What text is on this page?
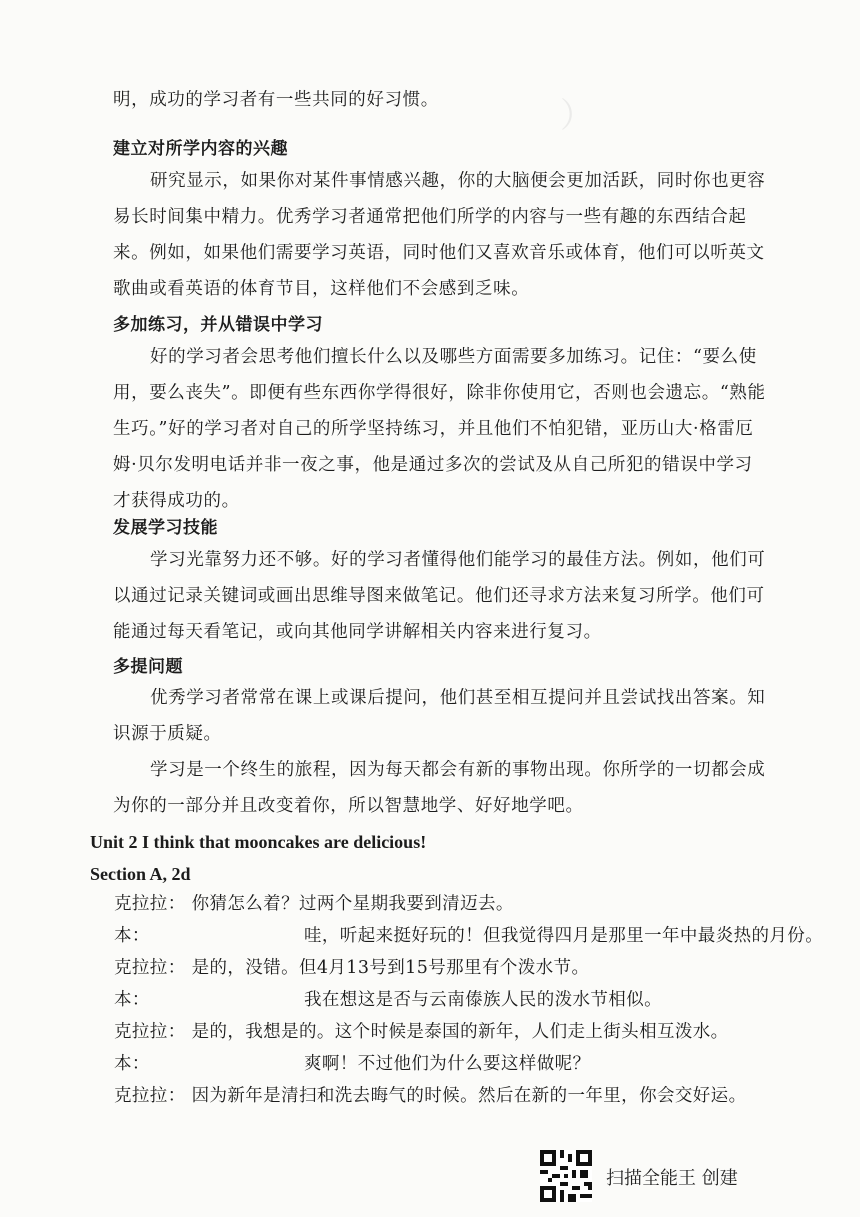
）
明，成功的学习者有一些共同的好习惯。
建立对所学内容的兴趣
研究显示，如果你对某件事情感兴趣，你的大脑便会更加活跃，同时你也更容
易长时间集中精力。优秀学习者通常把他们所学的内容与一些有趣的东西结合起
来。例如，如果他们需要学习英语，同时他们又喜欢音乐或体育，他们可以听英文
歌曲或看英语的体育节目，这样他们不会感到乏味。
多加练习，并从错误中学习
好的学习者会思考他们擅长什么以及哪些方面需要多加练习。记住：“要么使
用，要么丧失”。即便有些东西你学得很好，除非你使用它，否则也会遗忘。“熟能
生巧。”好的学习者对自己的所学坚持练习，并且他们不怕犯错，亚历山大·格雷厄
姆·贝尔发明电话并非一夜之事，他是通过多次的尝试及从自己所犯的错误中学习
才获得成功的。
发展学习技能
学习光靠努力还不够。好的学习者懂得他们能学习的最佳方法。例如，他们可
以通过记录关键词或画出思维导图来做笔记。他们还寻求方法来复习所学。他们可
能通过每天看笔记，或向其他同学讲解相关内容来进行复习。
多提问题
优秀学习者常常在课上或课后提问，他们甚至相互提问并且尝试找出答案。知
识源于质疑。
学习是一个终生的旅程，因为每天都会有新的事物出现。你所学的一切都会成
为你的一部分并且改变着你，所以智慧地学、好好地学吧。
Unit 2 I think that mooncakes are delicious!
Section A, 2d
克拉拉： 你猜怎么着？过两个星期我要到清迈去。
本：	哇，听起来挺好玩的！但我觉得四月是那里一年中最炎热的月份。
克拉拉： 是的，没错。但4月13号到15号那里有个泼水节。
本：	我在想这是否与云南傣族人民的泼水节相似。
克拉拉： 是的，我想是的。这个时候是泰国的新年，人们走上街头相互泼水。
本：	爽啊！不过他们为什么要这样做呢？
克拉拉： 因为新年是清扫和洗去晦气的时候。然后在新的一年里，你会交好运。
扫描全能王 创建
